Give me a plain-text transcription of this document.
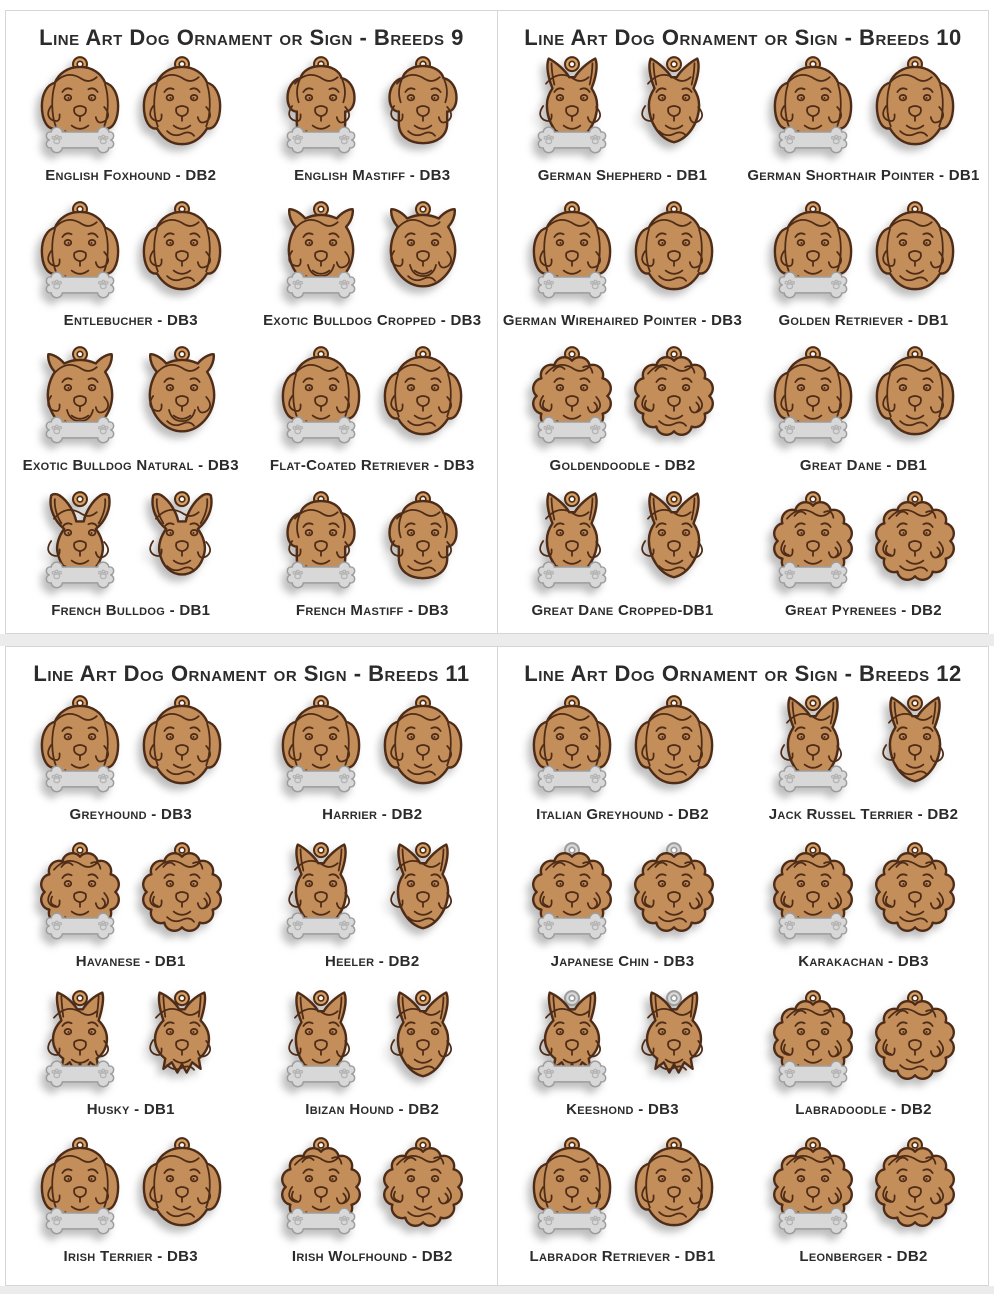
Line Art Dog Ornament or Sign - Breeds 9
English Foxhound - DB2	English Mastiff - DB3
Entlebucher - DB3	Exotic Bulldog Cropped - DB3
Exotic Bulldog Natural - DB3 Flat-Coated Retriever - DB3
French Bulldog - DB1	French Mastiff - DB3
Line Art Dog Ornament or Sign - Breeds 10
German Shepherd - DB1	German Shorthair Pointer - DB1
German Wirehaired Pointer - DB3 Golden Retriever - DB1
Goldendoodle - DB2	Great Dane - DB1
Great Dane Cropped-DB1	Great Pyrenees - DB2
Line Art Dog Ornament or Sign - Breeds 11
Greyhound - DB3	Harrier - DB2
Havanese - DB1	Heeler - DB2
Husky - DB1	Ibizan Hound - DB2
Irish Terrier - DB3	Irish Wolfhound - DB2
Line Art Dog Ornament or Sign - Breeds 12
Italian Greyhound - DB2	Jack Russel Terrier - DB2
Japanese Chin - DB3	Karakachan - DB3
Keeshond - DB3	Labradoodle - DB2
Labrador Retriever - DB1	Leonberger - DB2
